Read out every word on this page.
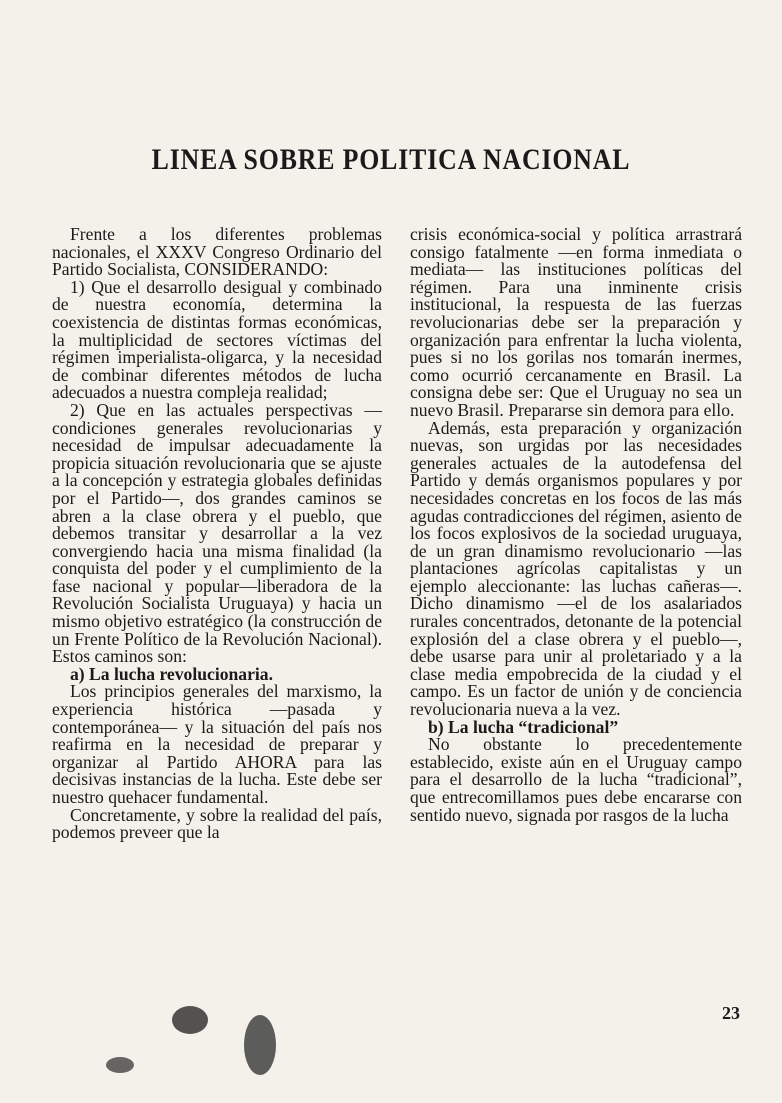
LINEA SOBRE POLITICA NACIONAL

Frente a los diferentes problemas nacionales, el XXXV Congreso Ordinario del Partido Socialista, CONSIDERANDO:

1) Que el desarrollo desigual y combinado de nuestra economía, determina la coexistencia de distintas formas económicas, la multiplicidad de sectores víctimas del régimen imperialista-oligarca, y la necesidad de combinar diferentes métodos de lucha adecuados a nuestra compleja realidad;

2) Que en las actuales perspectivas —condiciones generales revolucionarias y necesidad de impulsar adecuadamente la propicia situación revolucionaria que se ajuste a la concepción y estrategia globales definidas por el Partido—, dos grandes caminos se abren a la clase obrera y el pueblo, que debemos transitar y desarrollar a la vez convergiendo hacia una misma finalidad (la conquista del poder y el cumplimiento de la fase nacional y popular—liberadora de la Revolución Socialista Uruguaya) y hacia un mismo objetivo estratégico (la construcción de un Frente Político de la Revolución Nacional). Estos caminos son:

a) La lucha revolucionaria.

Los principios generales del marxismo, la experiencia histórica —pasada y contemporánea— y la situación del país nos reafirma en la necesidad de preparar y organizar al Partido AHORA para las decisivas instancias de la lucha. Este debe ser nuestro quehacer fundamental.

Concretamente, y sobre la realidad del país, podemos preveer que la

crisis económica-social y política arrastrará consigo fatalmente —en forma inmediata o mediata— las instituciones políticas del régimen. Para una inminente crisis institucional, la respuesta de las fuerzas revolucionarias debe ser la preparación y organización para enfrentar la lucha violenta, pues si no los gorilas nos tomarán inermes, como ocurrió cercanamente en Brasil. La consigna debe ser: Que el Uruguay no sea un nuevo Brasil. Prepararse sin demora para ello.

Además, esta preparación y organización nuevas, son urgidas por las necesidades generales actuales de la autodefensa del Partido y demás organismos populares y por necesidades concretas en los focos de las más agudas contradicciones del régimen, asiento de los focos explosivos de la sociedad uruguaya, de un gran dinamismo revolucionario —las plantaciones agrícolas capitalistas y un ejemplo aleccionante: las luchas cañeras—. Dicho dinamismo —el de los asalariados rurales concentrados, detonante de la potencial explosión del a clase obrera y el pueblo—, debe usarse para unir al proletariado y a la clase media empobrecida de la ciudad y el campo. Es un factor de unión y de conciencia revolucionaria nueva a la vez.

b) La lucha “tradicional”

No obstante lo precedentemente establecido, existe aún en el Uruguay campo para el desarrollo de la lucha “tradicional”, que entrecomillamos pues debe encararse con sentido nuevo, signada por rasgos de la lucha

23
